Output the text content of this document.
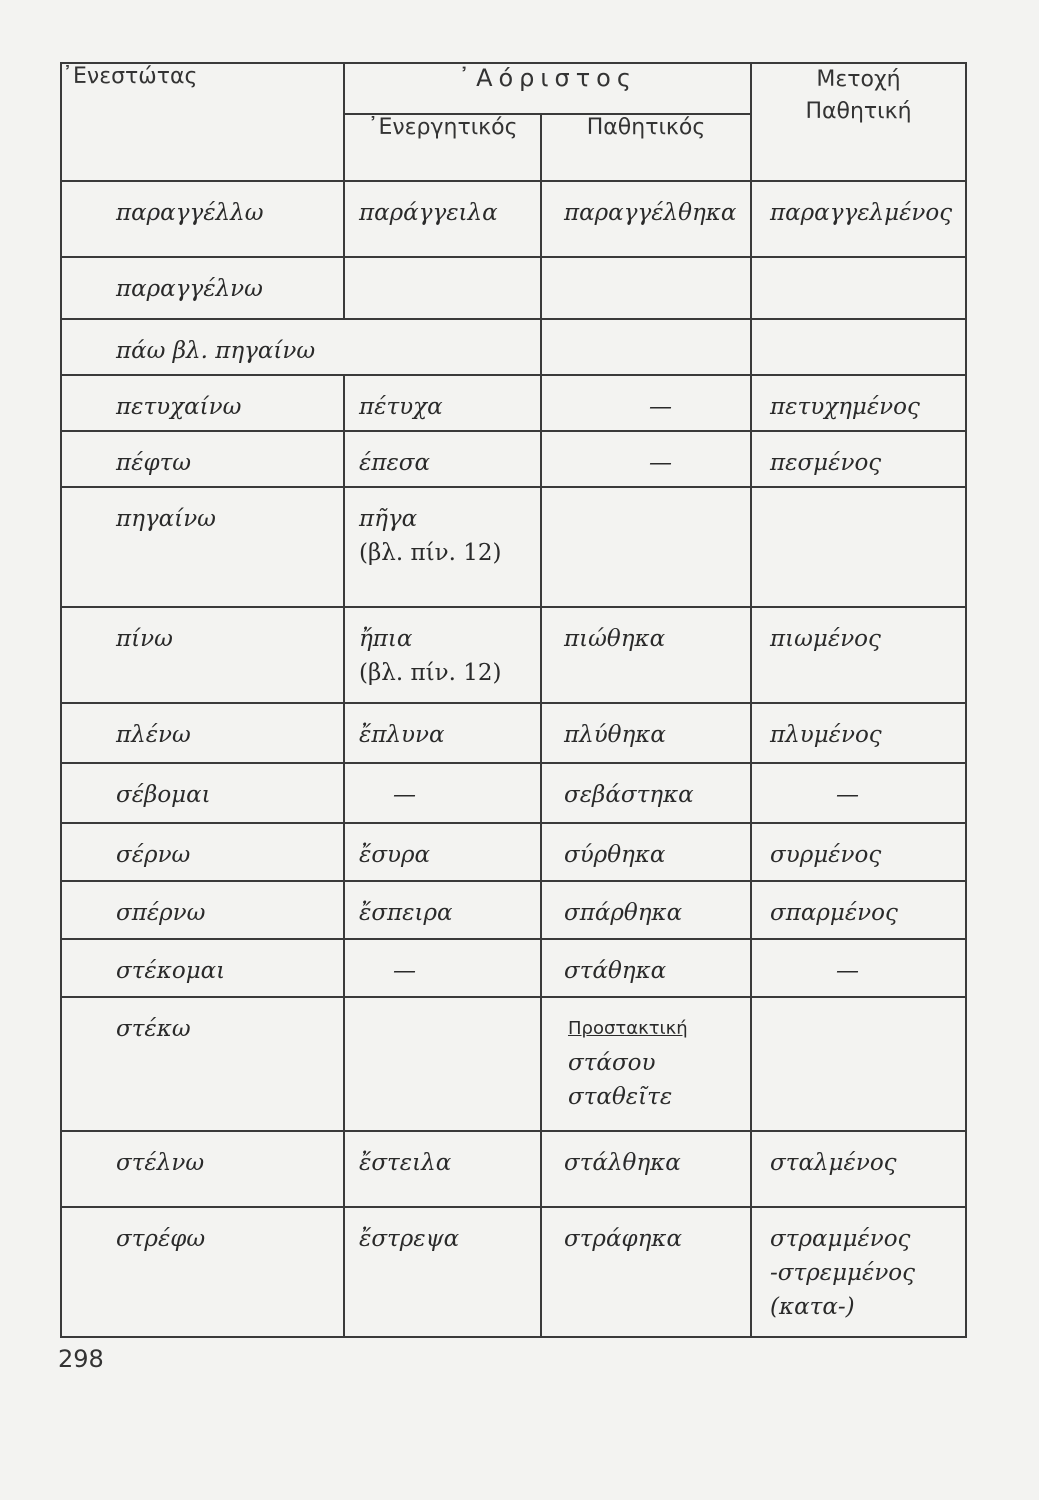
᾿Ενεστώτας	᾿Αόριστος		Μετοχή
Παθητική

	᾿Ενεργητικός	Παθητικός	

παραγγέλλω	παράγγειλα	παραγγέλθηκα	παραγγελμένος

παραγγέλνω			

πάω βλ. πηγαίνω			

πετυχαίνω	πέτυχα	—	πετυχημένος

πέφτω	έπεσα	—	πεσμένος

πηγαίνω	πῆγα
(βλ. πίν. 12)		

πίνω	ἤπια
(βλ. πίν. 12)	πιώθηκα	πιωμένος

πλένω	ἔπλυνα	πλύθηκα	πλυμένος

σέβομαι	—	σεβάστηκα	—

σέρνω	ἔσυρα	σύρθηκα	συρμένος

σπέρνω	ἔσπειρα	σπάρθηκα	σπαρμένος

στέκομαι	—	στάθηκα	—

στέκω		Προστακτική
στάσου
σταθεῖτε	

στέλνω	ἔστειλα	στάλθηκα	σταλμένος

στρέφω	ἔστρεψα	στράφηκα	στραμμένος
-στρεμμένος
(κατα-)
298
